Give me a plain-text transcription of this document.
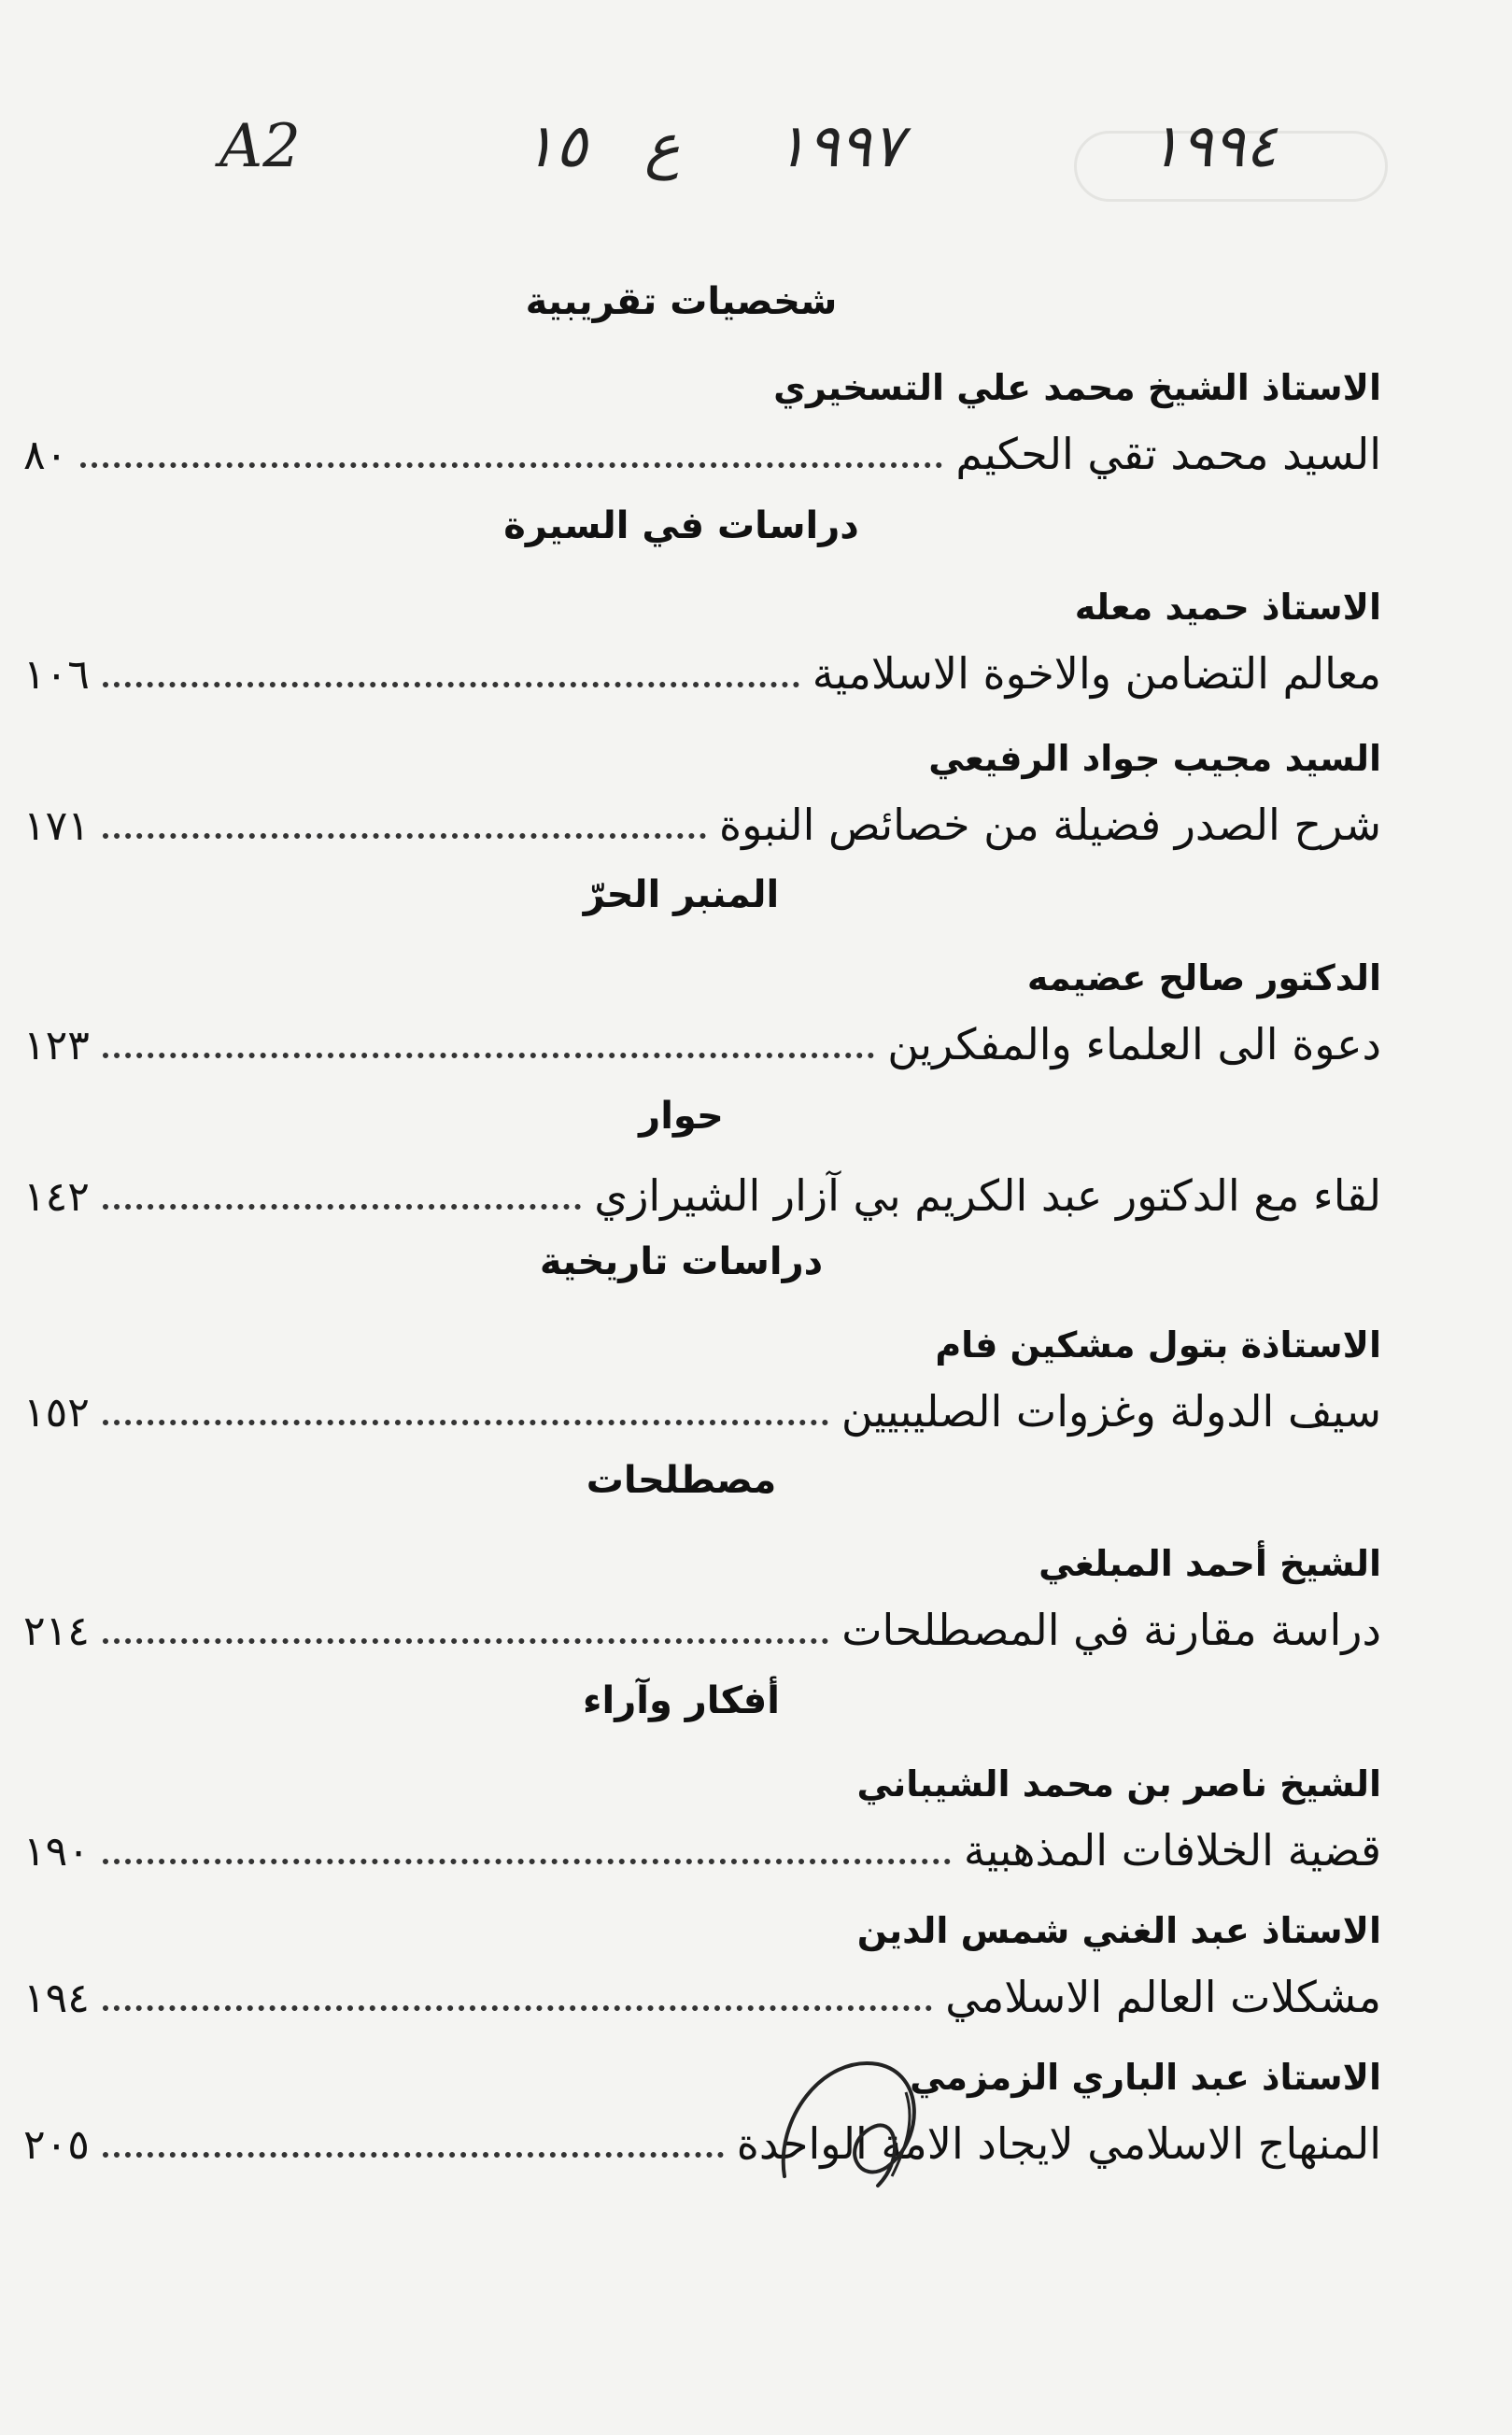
A2	١٥ ع ١٩٩٧	١٩٩٤
شخصيات تقريبية
الاستاذ الشيخ محمد علي التسخيري
السيد محمد تقي الحكيم
٨٠
دراسات في السيرة
الاستاذ حميد معله
معالم التضامن والاخوة الاسلامية
١٠٦
السيد مجيب جواد الرفيعي
شرح الصدر فضيلة من خصائص النبوة
١٧١
المنبر الحرّ
الدكتور صالح عضيمه
دعوة الى العلماء والمفكرين
١٢٣
حوار
لقاء مع الدكتور عبد الكريم بي آزار الشيرازي
١٤٢
دراسات تاريخية
الاستاذة بتول مشكين فام
سيف الدولة وغزوات الصليبيين
١٥٢
مصطلحات
الشيخ أحمد المبلغي
دراسة مقارنة في المصطلحات
٢١٤
أفكار وآراء
الشيخ ناصر بن محمد الشيباني
قضية الخلافات المذهبية
١٩٠
الاستاذ عبد الغني شمس الدين
مشكلات العالم الاسلامي
١٩٤
الاستاذ عبد الباري الزمزمي
المنهاج الاسلامي لايجاد الامة الواحدة
٢٠٥
